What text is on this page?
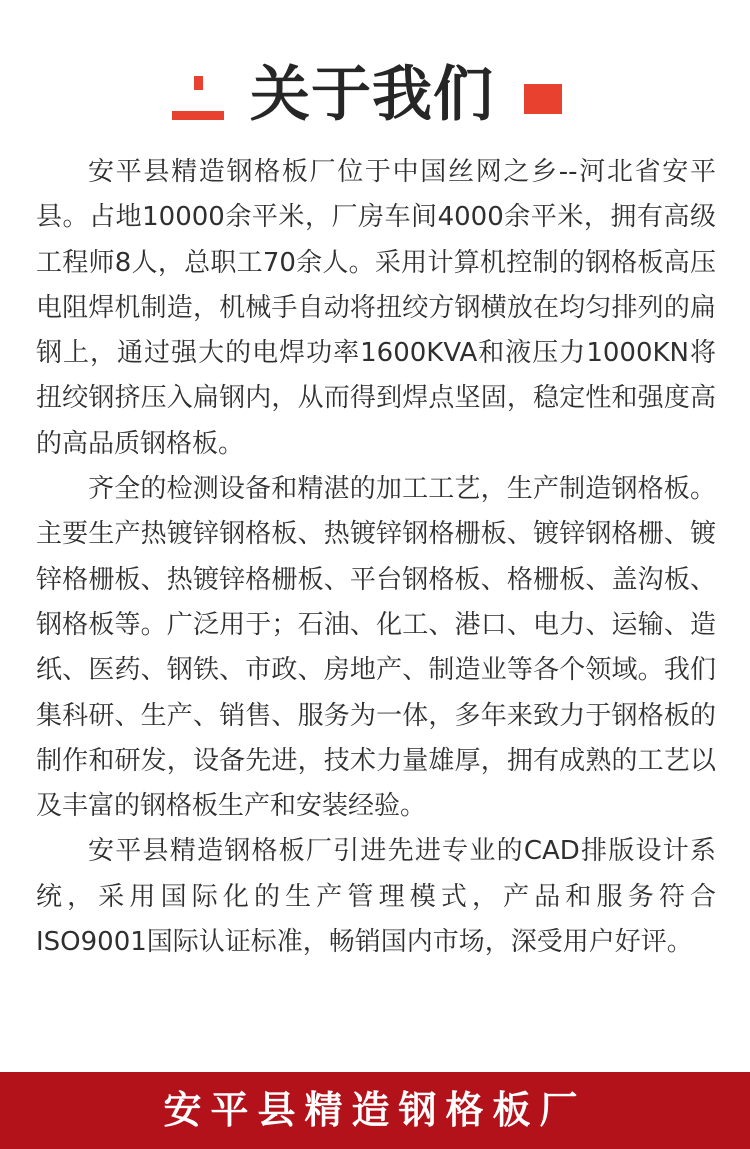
关于我们

安平县精造钢格板厂位于中国丝网之乡--河北省安平县。占地10000余平米，厂房车间4000余平米，拥有高级工程师8人，总职工70余人。采用计算机控制的钢格板高压电阻焊机制造，机械手自动将扭绞方钢横放在均匀排列的扁钢上，通过强大的电焊功率1600KVA和液压力1000KN将扭绞钢挤压入扁钢内，从而得到焊点坚固，稳定性和强度高的高品质钢格板。

齐全的检测设备和精湛的加工工艺，生产制造钢格板。主要生产热镀锌钢格板、热镀锌钢格栅板、镀锌钢格栅、镀锌格栅板、热镀锌格栅板、平台钢格板、格栅板、盖沟板、钢格板等。广泛用于；石油、化工、港口、电力、运输、造纸、医药、钢铁、市政、房地产、制造业等各个领域。我们集科研、生产、销售、服务为一体，多年来致力于钢格板的制作和研发，设备先进，技术力量雄厚，拥有成熟的工艺以及丰富的钢格板生产和安装经验。

安平县精造钢格板厂引进先进专业的CAD排版设计系统，采用国际化的生产管理模式，产品和服务符合ISO9001国际认证标准，畅销国内市场，深受用户好评。

安平县精造钢格板厂
